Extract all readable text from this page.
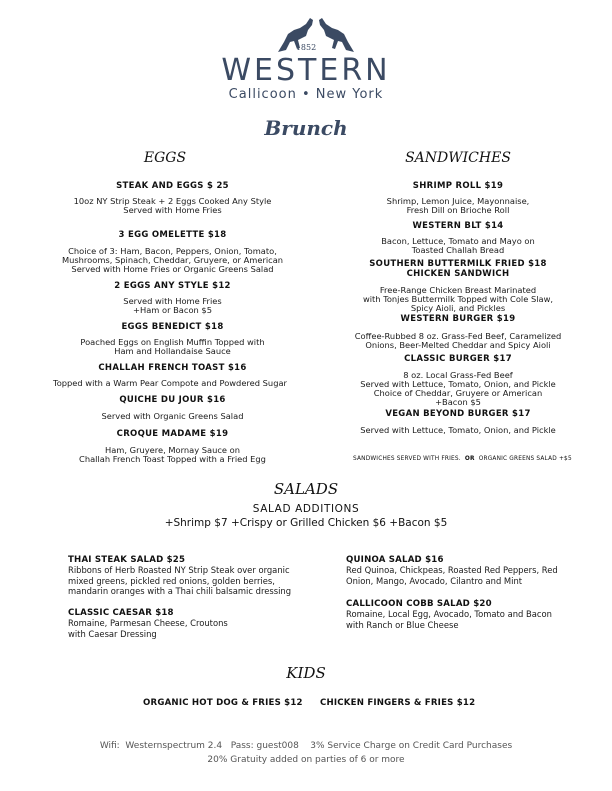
1852
WESTERN
Callicoon • New York
Brunch
EGGS
STEAK AND EGGS $ 25
10oz NY Strip Steak + 2 Eggs Cooked Any Style
Served with Home Fries
3 EGG OMELETTE $18
Choice of 3: Ham, Bacon, Peppers, Onion, Tomato,
Mushrooms, Spinach, Cheddar, Gruyere, or American
Served with Home Fries or Organic Greens Salad
2 EGGS ANY STYLE $12
Served with Home Fries
+Ham or Bacon $5
EGGS BENEDICT $18
Poached Eggs on English Muffin Topped with
Ham and Hollandaise Sauce
CHALLAH FRENCH TOAST $16
Topped with a Warm Pear Compote and Powdered Sugar
QUICHE DU JOUR $16
Served with Organic Greens Salad
CROQUE MADAME $19
Ham, Gruyere, Mornay Sauce on
Challah French Toast Topped with a Fried Egg
SANDWICHES
SHRIMP ROLL $19
Shrimp, Lemon Juice, Mayonnaise,
Fresh Dill on Brioche Roll
WESTERN BLT $14
Bacon, Lettuce, Tomato and Mayo on
Toasted Challah Bread
SOUTHERN BUTTERMILK FRIED $18
CHICKEN SANDWICH
Free-Range Chicken Breast Marinated
with Tonjes Buttermilk Topped with Cole Slaw,
Spicy Aioli, and Pickles
WESTERN BURGER $19
Coffee-Rubbed 8 oz. Grass-Fed Beef, Caramelized
Onions, Beer-Melted Cheddar and Spicy Aioli
CLASSIC BURGER $17
8 oz. Local Grass-Fed Beef
Served with Lettuce, Tomato, Onion, and Pickle
Choice of Cheddar, Gruyere or American
+Bacon $5
VEGAN BEYOND BURGER $17
Served with Lettuce, Tomato, Onion, and Pickle
SANDWICHES SERVED WITH FRIES. OR ORGANIC GREENS SALAD +$5
SALADS
SALAD ADDITIONS
+Shrimp $7 +Crispy or Grilled Chicken $6 +Bacon $5
THAI STEAK SALAD $25
Ribbons of Herb Roasted NY Strip Steak over organic
mixed greens, pickled red onions, golden berries,
mandarin oranges with a Thai chili balsamic dressing
CLASSIC CAESAR $18
Romaine, Parmesan Cheese, Croutons
with Caesar Dressing
QUINOA SALAD $16
Red Quinoa, Chickpeas, Roasted Red Peppers, Red
Onion, Mango, Avocado, Cilantro and Mint
CALLICOON COBB SALAD $20
Romaine, Local Egg, Avocado, Tomato and Bacon
with Ranch or Blue Cheese
KIDS
ORGANIC HOT DOG & FRIES $12 CHICKEN FINGERS & FRIES $12
Wifi:  Westernspectrum 2.4   Pass: guest008    3% Service Charge on Credit Card Purchases
20% Gratuity added on parties of 6 or more
